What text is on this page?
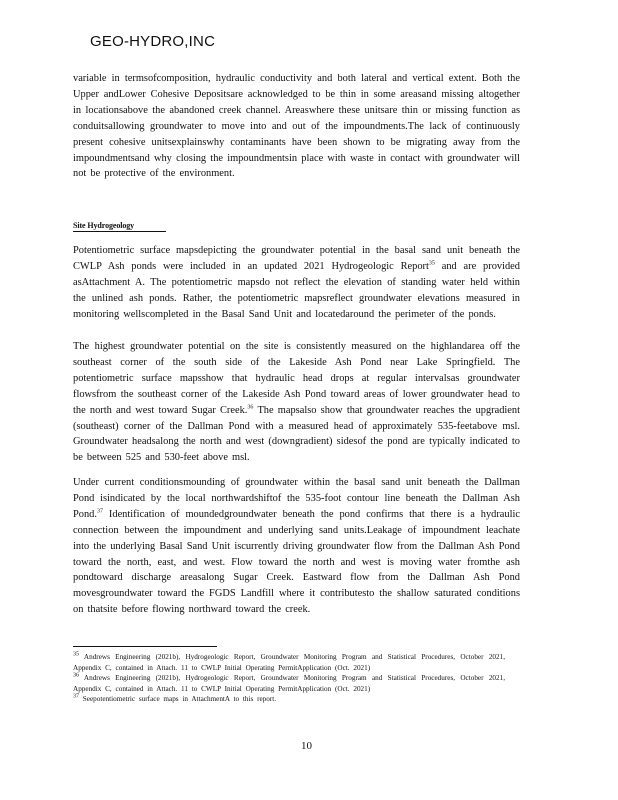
GEO-HYDRO,INC

variable in termsofcomposition, hydraulic conductivity and both lateral and vertical extent. Both the Upper andLower Cohesive Depositsare acknowledged to be thin in some areasand missing altogether in locationsabove the abandoned creek channel. Areaswhere these unitsare thin or missing function as conduitsallowing groundwater to move into and out of the impoundments.The lack of continuously present cohesive unitsexplainswhy contaminants have been shown to be migrating away from the impoundmentsand why closing the impoundmentsin place with waste in contact with groundwater will not be protective of the environment.

Site Hydrogeology

Potentiometric surface mapsdepicting the groundwater potential in the basal sand unit beneath the CWLP Ash ponds were included in an updated 2021 Hydrogeologic Report$^{35}$ and are provided asAttachment A. The potentiometric mapsdo not reflect the elevation of standing water held within the unlined ash ponds. Rather, the potentiometric mapsreflect groundwater elevations measured in monitoring wellscompleted in the Basal Sand Unit and locatedaround the perimeter of the ponds.

The highest groundwater potential on the site is consistently measured on the highlandarea off the southeast corner of the south side of the Lakeside Ash Pond near Lake Springfield. The potentiometric surface mapsshow that hydraulic head drops at regular intervalsas groundwater flowsfrom the southeast corner of the Lakeside Ash Pond toward areas of lower groundwater head to the north and west toward Sugar Creek.$^{36}$ The mapsalso show that groundwater reaches the upgradient (southeast) corner of the Dallman Pond with a measured head of approximately 535-feetabove msl. Groundwater headsalong the north and west (downgradient) sidesof the pond are typically indicated to be between 525 and 530-feet above msl.

Under current conditionsmounding of groundwater within the basal sand unit beneath the Dallman Pond isindicated by the local northwardshiftof the 535-foot contour line beneath the Dallman Ash Pond.$^{37}$ Identification of moundedgroundwater beneath the pond confirms that there is a hydraulic connection between the impoundment and underlying sand units.Leakage of impoundment leachate into the underlying Basal Sand Unit iscurrently driving groundwater flow from the Dallman Ash Pond toward the north, east, and west. Flow toward the north and west is moving water fromthe ash pondtoward discharge areasalong Sugar Creek. Eastward flow from the Dallman Ash Pond movesgroundwater toward the FGDS Landfill where it contributesto the shallow saturated conditions on thatsite before flowing northward toward the creek.

$^{35}$ Andrews Engineering (2021b), Hydrogeologic Report, Groundwater Monitoring Program and Statistical Procedures, October 2021, Appendix C, contained in Attach. 11 to CWLP Initial Operating PermitApplication (Oct. 2021)

$^{36}$ Andrews Engineering (2021b), Hydrogeologic Report, Groundwater Monitoring Program and Statistical Procedures, October 2021, Appendix C, contained in Attach. 11 to CWLP Initial Operating PermitApplication (Oct. 2021)

$^{37}$ Seepotentiometric surface maps in AttachmentA to this report.

10
